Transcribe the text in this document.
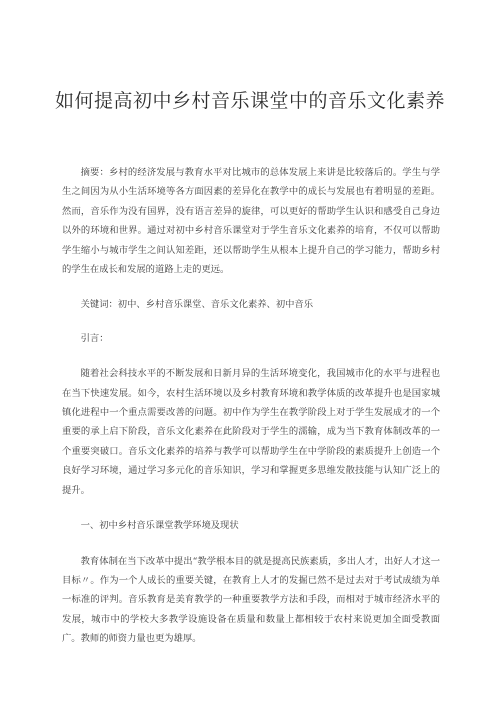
如何提高初中乡村音乐课堂中的音乐文化素养

摘要：乡村的经济发展与教育水平对比城市的总体发展上来讲是比较落后的。学生与学生之间因为从小生活环境等各方面因素的差异化在教学中的成长与发展也有着明显的差距。然而，音乐作为没有国界，没有语言差异的旋律，可以更好的帮助学生认识和感受自己身边以外的环境和世界。通过对初中乡村音乐课堂对于学生音乐文化素养的培育，不仅可以帮助学生缩小与城市学生之间认知差距，还以帮助学生从根本上提升自己的学习能力，帮助乡村的学生在成长和发展的道路上走的更远。

关键词：初中、乡村音乐课堂、音乐文化素养、初中音乐

引言：

随着社会科技水平的不断发展和日新月异的生活环境变化，我国城市化的水平与进程也在当下快速发展。如今，农村生活环境以及乡村教育环境和教学体质的改革提升也是国家城镇化进程中一个重点需要改善的问题。初中作为学生在教学阶段上对于学生发展成才的一个重要的承上启下阶段，音乐文化素养在此阶段对于学生的濡输，成为当下教育体制改革的一个重要突破口。音乐文化素养的培养与教学可以帮助学生在中学阶段的素质提升上创造一个良好学习环境，通过学习多元化的音乐知识，学习和掌握更多思维发散技能与认知广泛上的提升。

一、初中乡村音乐课堂教学环境及现状

教育体制在当下改革中提出“教学根本目的就是提高民族素质，多出人才，出好人才这一目标〃。作为一个人成长的重要关键，在教育上人才的发掘已然不是过去对于考试成绩为单一标准的评判。音乐教育是美育教学的一种重要教学方法和手段，而相对于城市经济水平的发展，城市中的学校大多教学设施设备在质量和数量上都相较于农村来说更加全面受教面广。教师的师资力量也更为雄厚。
